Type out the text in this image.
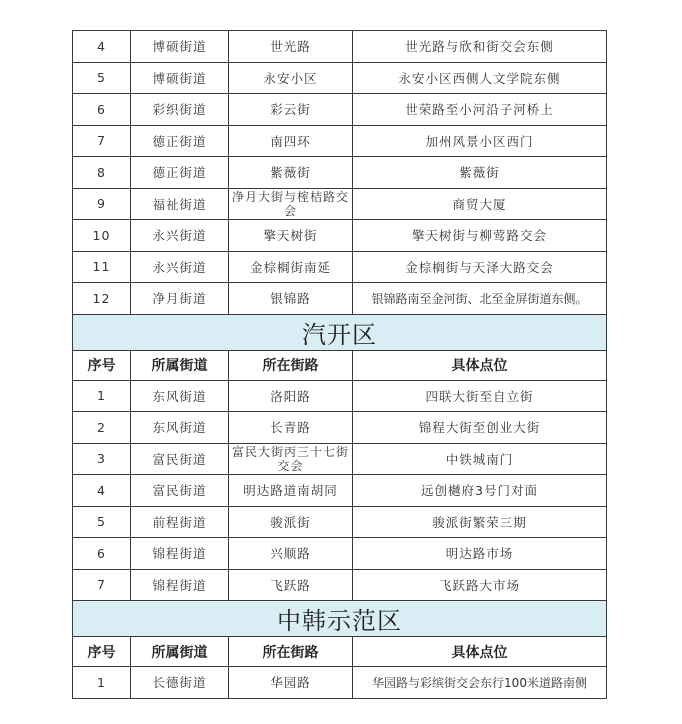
4	博硕街道	世光路	世光路与欣和街交会东侧
5	博硕街道	永安小区	永安小区西侧人文学院东侧
6	彩织街道	彩云街	世荣路至小河沿子河桥上
7	德正街道	南四环	加州风景小区西门
8	德正街道	紫薇街	紫薇街
9	福祉街道	净月大街与榁桔路交会	商贸大厦
10	永兴街道	擎天树街	擎天树街与柳莺路交会
11	永兴街道	金棕榈街南延	金棕榈街与天泽大路交会
12	净月街道	银锦路	银锦路南至金河街、北至金屏街道东侧。
汽开区			
序号	所属街道	所在街路	具体点位
1	东风街道	洛阳路	四联大街至自立街
2	东风街道	长青路	锦程大街至创业大街
3	富民街道	富民大街丙三十七街交会	中铁城南门
4	富民街道	明达路道南胡同	远创樾府3号门对面
5	前程街道	骏派街	骏派街繁荣三期
6	锦程街道	兴顺路	明达路市场
7	锦程街道	飞跃路	飞跃路大市场
中韩示范区			
序号	所属街道	所在街路	具体点位
1	长德街道	华园路	华园路与彩缤街交会东行100米道路南侧
